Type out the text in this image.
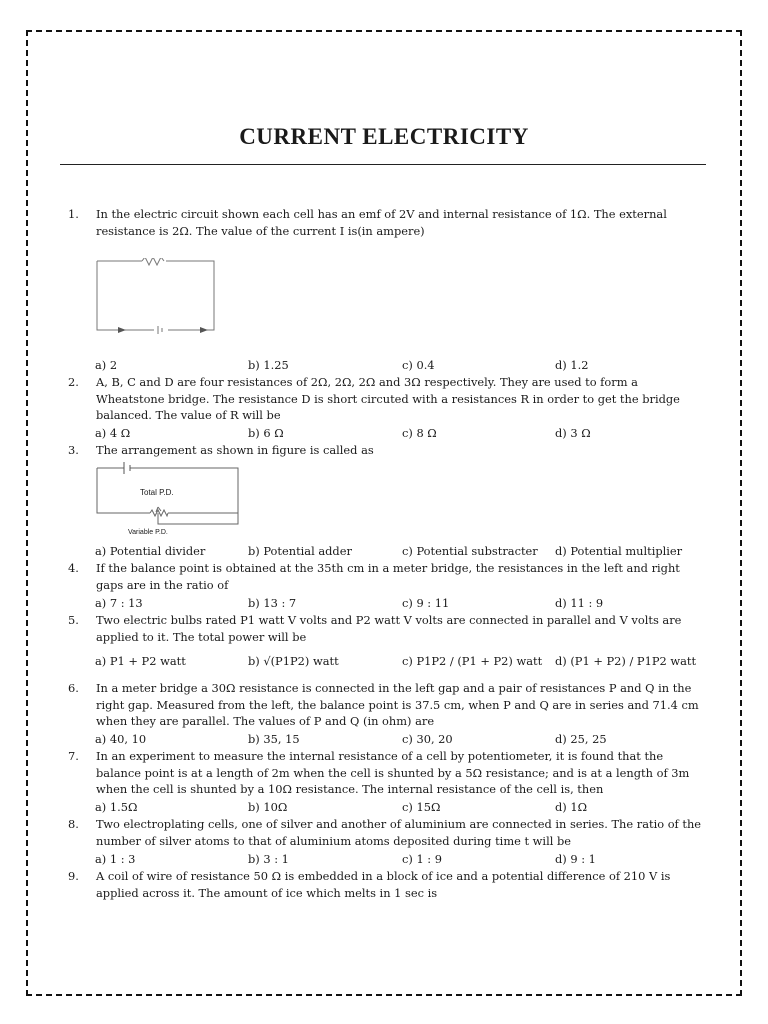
CURRENT ELECTRICITY
1.	In the electric circuit shown each cell has an emf of 2V and internal resistance of 1Ω. The external resistance is 2Ω. The value of the current I is(in ampere)
a) 2	b) 1.25	c) 0.4	d) 1.2
2.	A, B, C and D are four resistances of 2Ω, 2Ω, 2Ω and 3Ω respectively. They are used to form a Wheatstone bridge. The resistance D is short circuted with a resistances R in order to get the bridge balanced. The value of R will be
a) 4 Ω	b) 6 Ω	c) 8 Ω	d) 3 Ω
3.	The arrangement as shown in figure is called as
Total P.D.
Variable P.D.
a) Potential divider	b) Potential adder	c) Potential substracter d) Potential multiplier
4.	If the balance point is obtained at the 35th cm in a meter bridge, the resistances in the left and right gaps are in the ratio of
a) 7 : 13	b) 13 : 7	c) 9 : 11	d) 11 : 9
5.	Two electric bulbs rated P1 watt V volts and P2 watt V volts are connected in parallel and V volts are applied to it. The total power will be
a) P1 + P2 watt	b) √(P1P2) watt	c) P1P2 / (P1 + P2) watt d) (P1 + P2) / P1P2 watt
6.	In a meter bridge a 30Ω resistance is connected in the left gap and a pair of resistances P and Q in the right gap. Measured from the left, the balance point is 37.5 cm, when P and Q are in series and 71.4 cm when they are parallel. The values of P and Q (in ohm) are
a) 40, 10	b) 35, 15	c) 30, 20	d) 25, 25
7.	In an experiment to measure the internal resistance of a cell by potentiometer, it is found that the balance point is at a length of 2m when the cell is shunted by a 5Ω resistance; and is at a length of 3m when the cell is shunted by a 10Ω resistance. The internal resistance of the cell is, then
a) 1.5Ω	b) 10Ω	c) 15Ω	d) 1Ω
8.	Two electroplating cells, one of silver and another of aluminium are connected in series. The ratio of the number of silver atoms to that of aluminium atoms deposited during time t will be
a) 1 : 3	b) 3 : 1	c) 1 : 9	d) 9 : 1
9.	A coil of wire of resistance 50 Ω is embedded in a block of ice and a potential difference of 210 V is applied across it. The amount of ice which melts in 1 sec is
